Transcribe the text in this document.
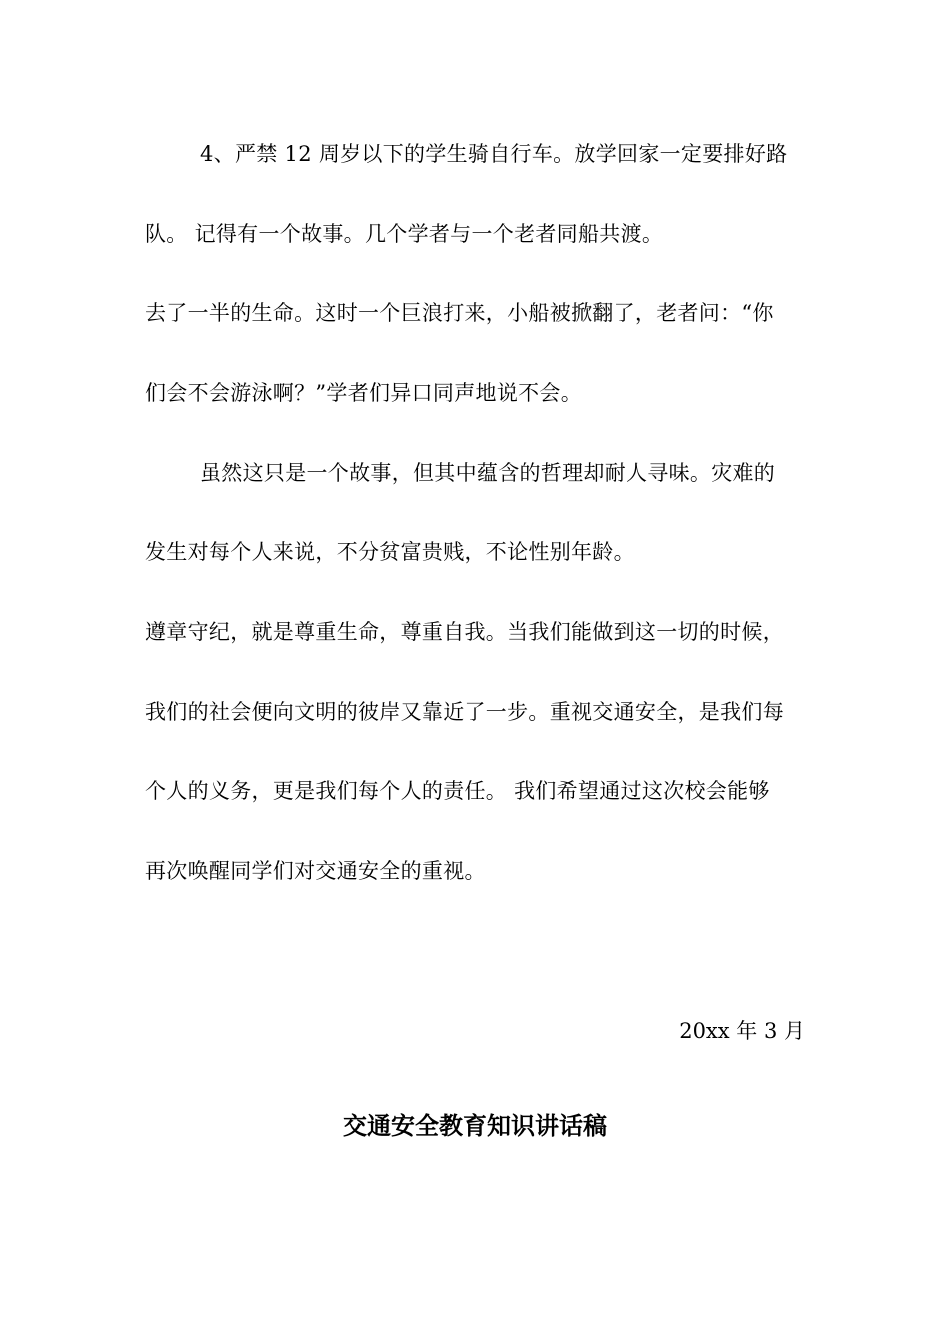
4、严禁 12 周岁以下的学生骑自行车。放学回家一定要排好路
队。 记得有一个故事。几个学者与一个老者同船共渡。
去了一半的生命。这时一个巨浪打来，小船被掀翻了，老者问：“你
们会不会游泳啊？”学者们异口同声地说不会。
虽然这只是一个故事，但其中蕴含的哲理却耐人寻味。灾难的
发生对每个人来说，不分贫富贵贱，不论性别年龄。
遵章守纪，就是尊重生命，尊重自我。当我们能做到这一切的时候，
我们的社会便向文明的彼岸又靠近了一步。重视交通安全，是我们每
个人的义务，更是我们每个人的责任。 我们希望通过这次校会能够
再次唤醒同学们对交通安全的重视。
20xx 年 3 月
交通安全教育知识讲话稿
